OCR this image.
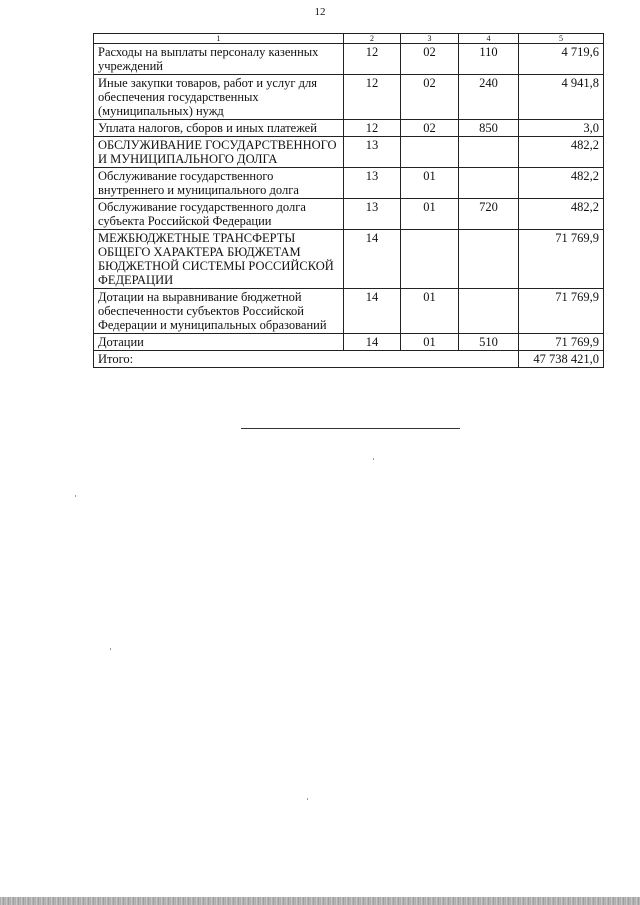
12
1	2	3	4	5
Расходы на выплаты персоналу казенных учреждений	12	02	110	4 719,6
Иные закупки товаров, работ и услуг для обеспечения государственных (муниципальных) нужд	12	02	240	4 941,8
Уплата налогов, сборов и иных платежей	12	02	850	3,0
ОБСЛУЖИВАНИЕ ГОСУДАРСТВЕННОГО И МУНИЦИПАЛЬНОГО ДОЛГА	13			482,2
Обслуживание государственного внутреннего и муниципального долга	13	01		482,2
Обслуживание государственного долга субъекта Российской Федерации	13	01	720	482,2
МЕЖБЮДЖЕТНЫЕ ТРАНСФЕРТЫ ОБЩЕГО ХАРАКТЕРА БЮДЖЕТАМ БЮДЖЕТНОЙ СИСТЕМЫ РОССИЙСКОЙ ФЕДЕРАЦИИ	14			71 769,9
Дотации на выравнивание бюджетной обеспеченности субъектов Российской Федерации и муниципальных образований	14	01		71 769,9
Дотации	14	01	510	71 769,9
Итого:				47 738 421,0
